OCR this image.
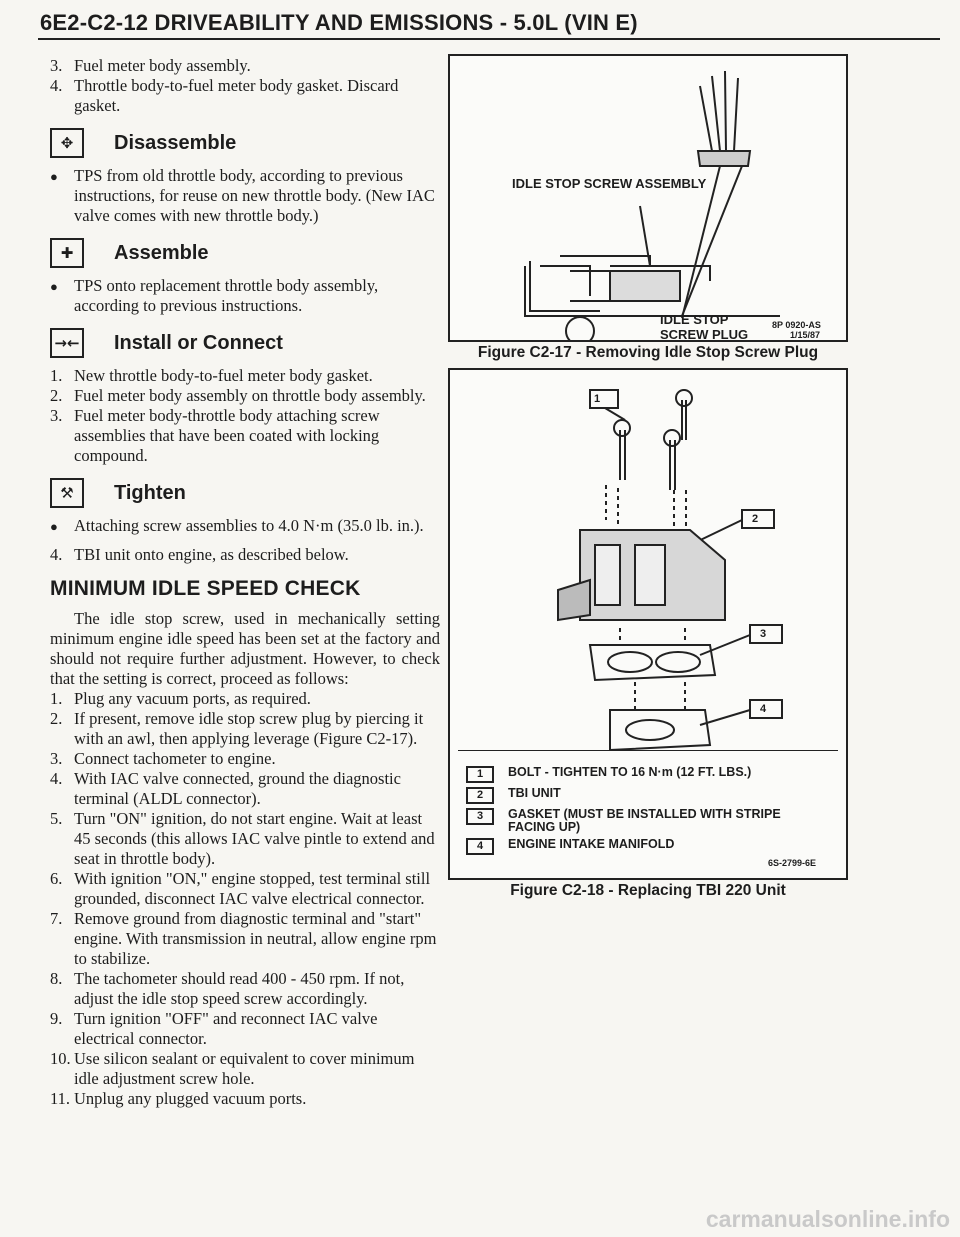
6E2-C2-12 DRIVEABILITY AND EMISSIONS - 5.0L (VIN E)
3. Fuel meter body assembly.
4. Throttle body-to-fuel meter body gasket. Discard gasket.
✥	Disassemble
● TPS from old throttle body, according to previous instructions, for reuse on new throttle body. (New IAC valve comes with new throttle body.)
✚	Assemble
● TPS onto replacement throttle body assembly, according to previous instructions.
→← Install or Connect
1. New throttle body-to-fuel meter body gasket.
2. Fuel meter body assembly on throttle body assembly.
3. Fuel meter body-throttle body attaching screw assemblies that have been coated with locking compound.
⚒	Tighten
● Attaching screw assemblies to 4.0 N·m (35.0 lb. in.).
4. TBI unit onto engine, as described below.
MINIMUM IDLE SPEED CHECK

The idle stop screw, used in mechanically setting minimum engine idle speed has been set at the factory and should not require further adjustment. However, to check that the setting is correct, proceed as follows:

1. Plug any vacuum ports, as required.
2. If present, remove idle stop screw plug by piercing it with an awl, then applying leverage (Figure C2-17).
3. Connect tachometer to engine.
4. With IAC valve connected, ground the diagnostic terminal (ALDL connector).
5. Turn "ON" ignition, do not start engine. Wait at least 45 seconds (this allows IAC valve pintle to extend and seat in throttle body).
6. With ignition "ON," engine stopped, test terminal still grounded, disconnect IAC valve electrical connector.
7. Remove ground from diagnostic terminal and "start" engine. With transmission in neutral, allow engine rpm to stabilize.
8. The tachometer should read 400 - 450 rpm. If not, adjust the idle stop speed screw accordingly.
9. Turn ignition "OFF" and reconnect IAC valve electrical connector.
10. Use silicon sealant or equivalent to cover minimum idle adjustment screw hole.
11. Unplug any plugged vacuum ports.
IDLE STOP SCREW ASSEMBLY
IDLE STOP SCREW PLUG
8P 0920-AS
1/15/87
Figure C2-17 - Removing Idle Stop Screw Plug
1
2
3
4
1	BOLT - TIGHTEN TO 16 N·m (12 FT. LBS.)
2	TBI UNIT
3	GASKET (MUST BE INSTALLED WITH STRIPE FACING UP)
4	ENGINE INTAKE MANIFOLD
6S-2799-6E
Figure C2-18 - Replacing TBI 220 Unit
carmanualsonline.info
